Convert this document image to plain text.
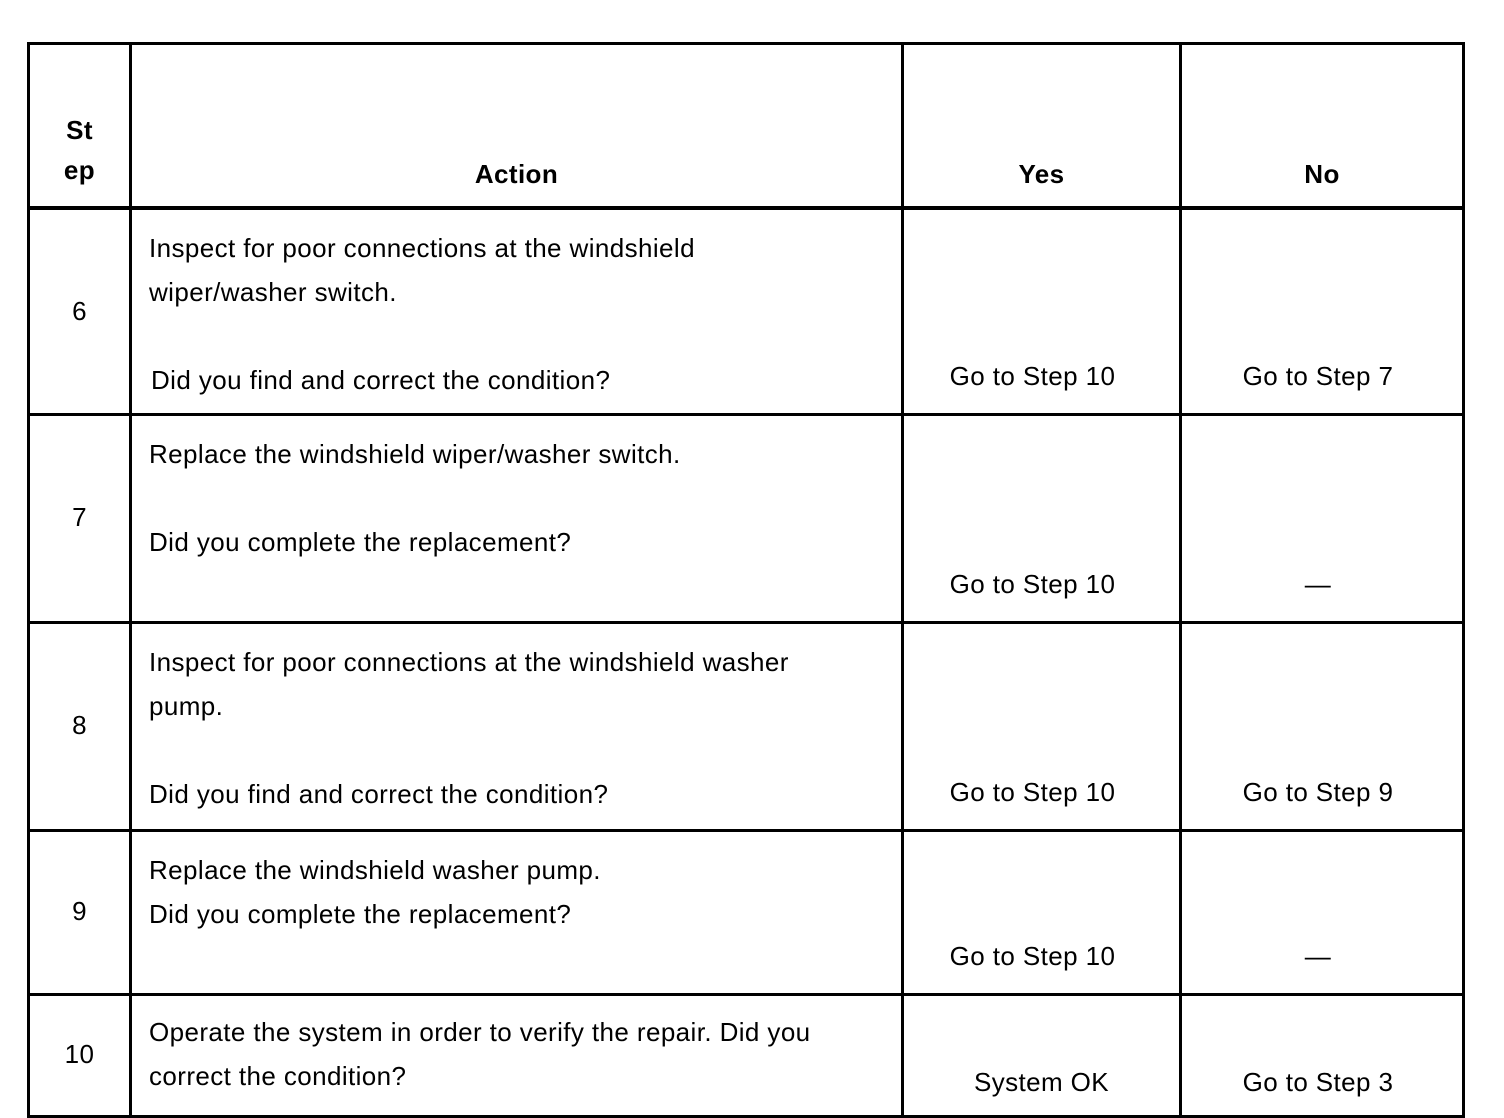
St
ep	Action	Yes	No
6	Inspect for poor connections at the windshield
wiper/washer switch.
Did you find and correct the condition?	Go to Step 10	Go to Step 7
7	Replace the windshield wiper/washer switch.
Did you complete the replacement?	Go to Step 10	—
8	Inspect for poor connections at the windshield washer
pump.
Did you find and correct the condition?	Go to Step 10	Go to Step 9
9	Replace the windshield washer pump.
Did you complete the replacement?	Go to Step 10	—
10	Operate the system in order to verify the repair. Did you
correct the condition?	System OK	Go to Step 3
